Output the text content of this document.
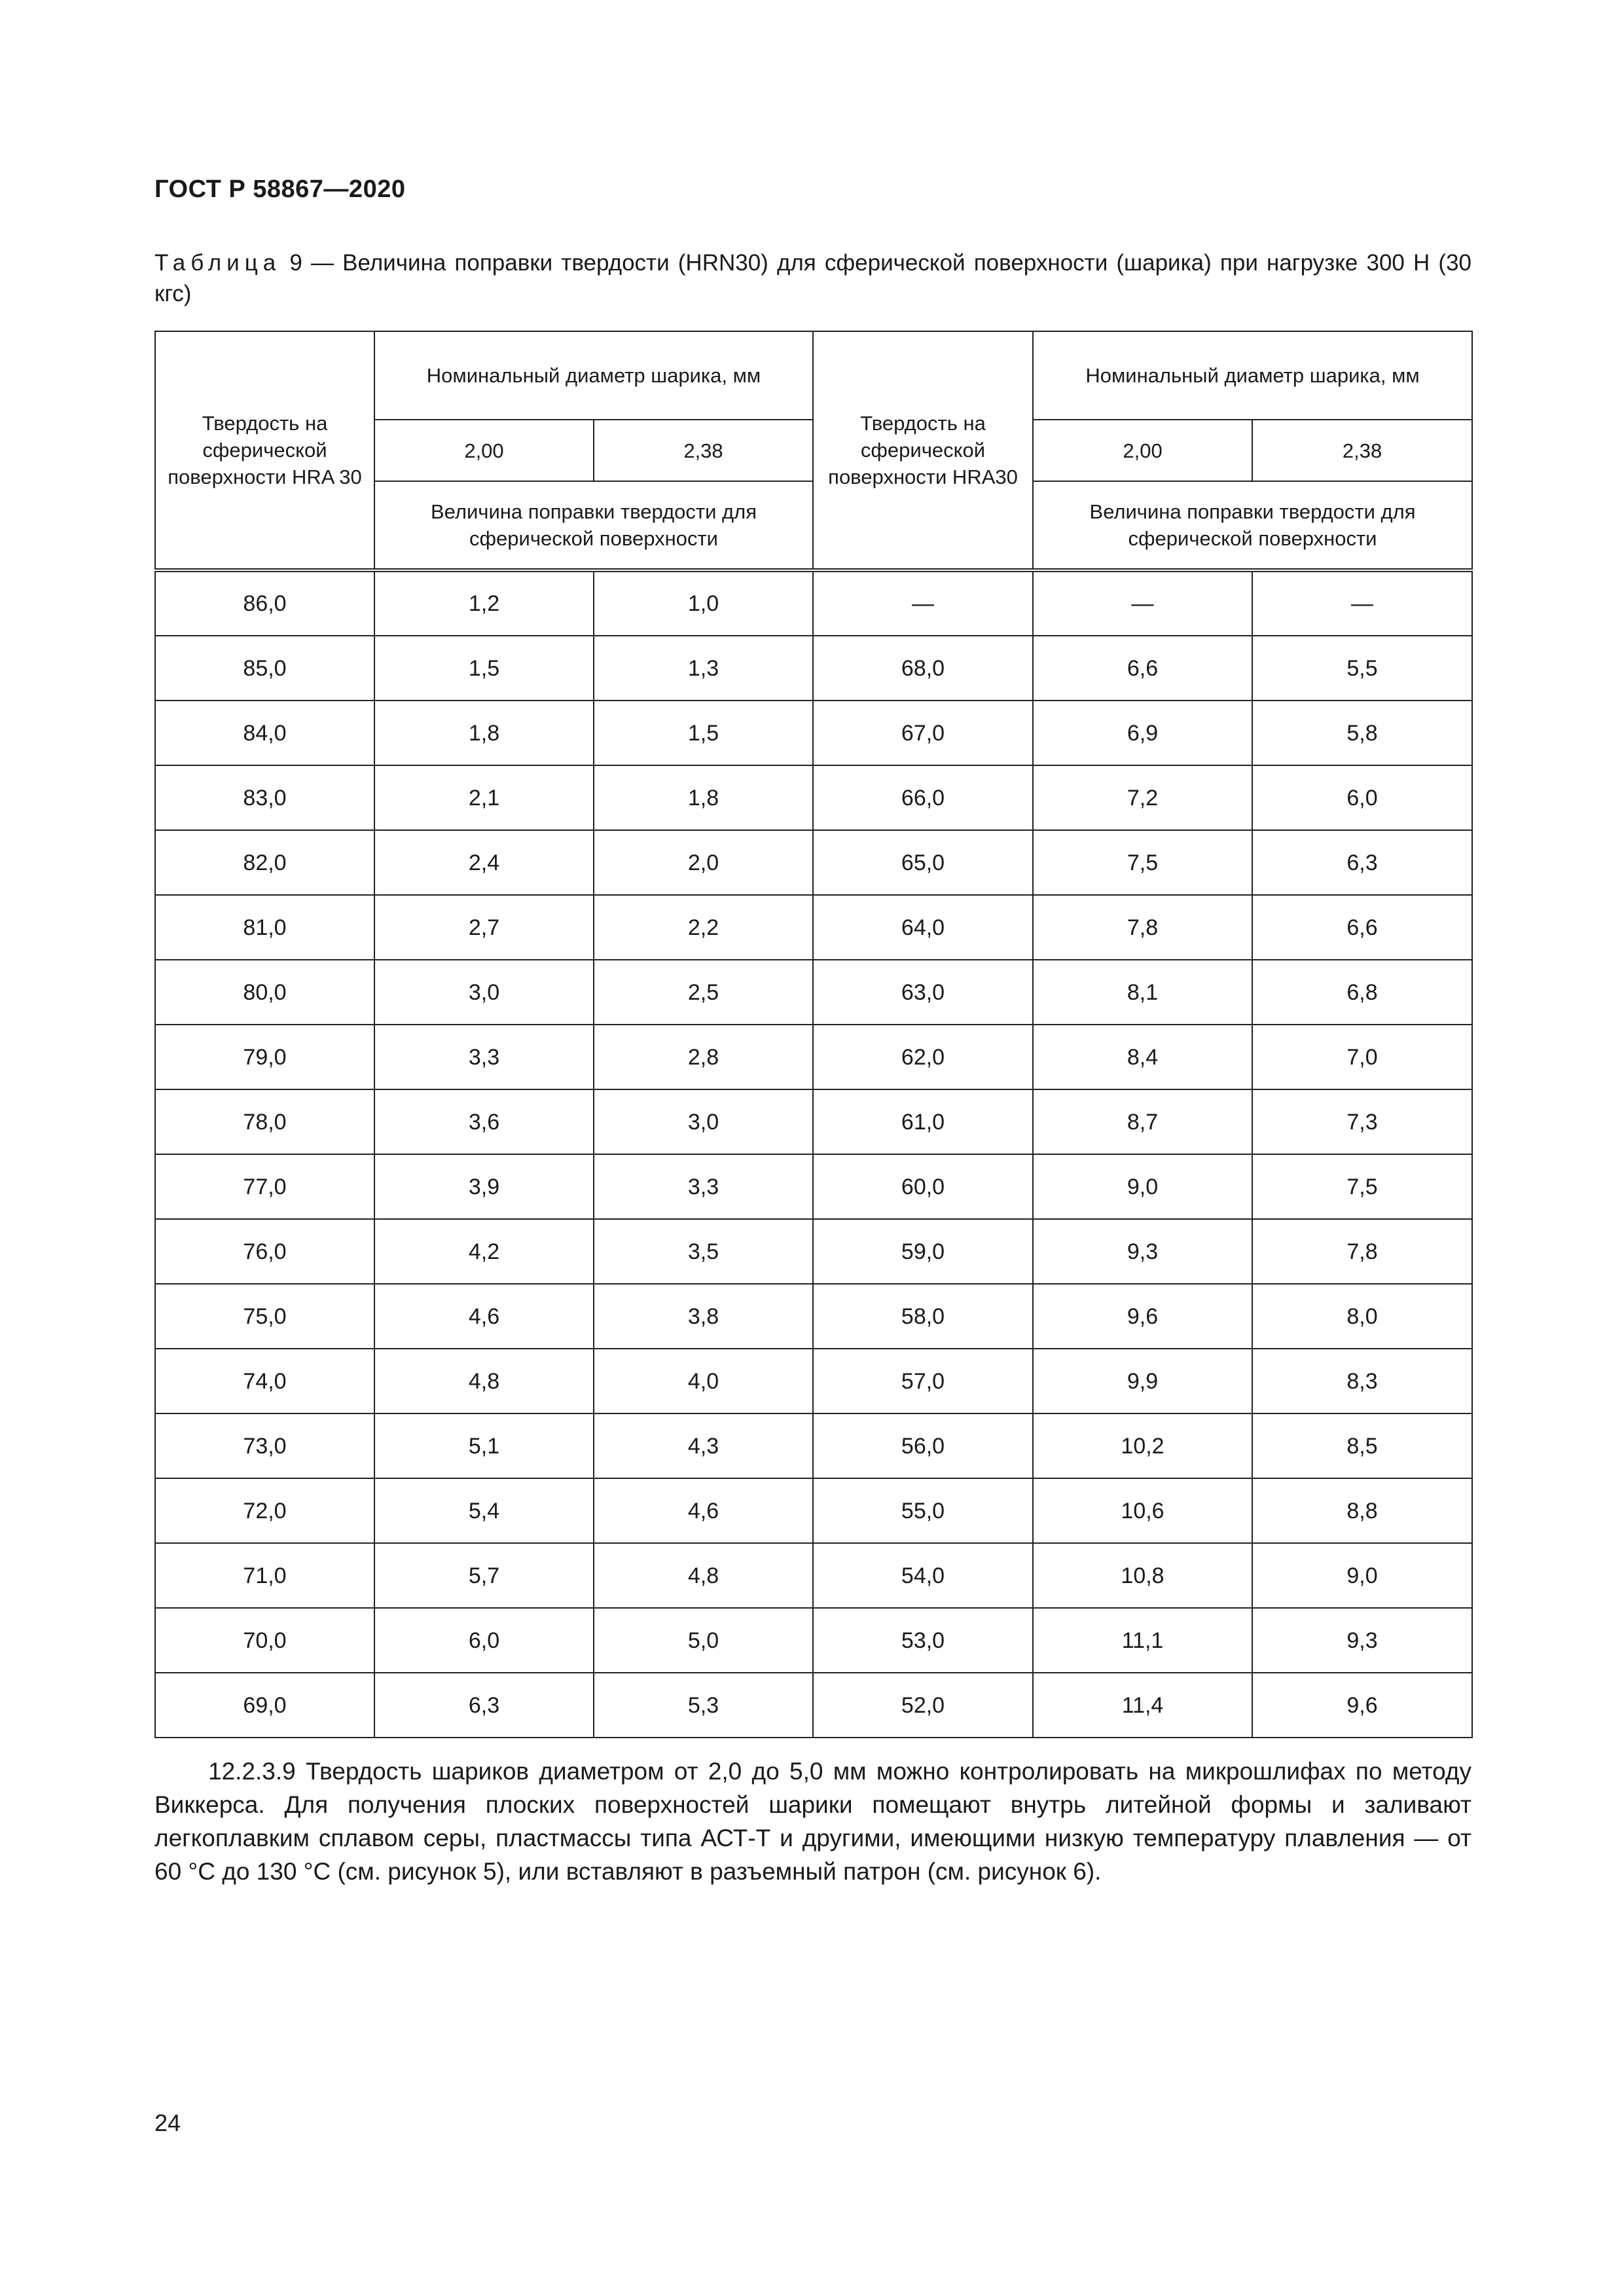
ГОСТ Р 58867—2020
Таблица 9 — Величина поправки твердости (HRN30) для сферической поверхности (шарика) при нагрузке 300 Н (30 кгс)
Твердость на сферической поверхности HRA 30	Номинальный диаметр шарика, мм		Твердость на сферической поверхности HRA30	Номинальный диаметр шарика, мм	
	2,00	2,38		2,00	2,38
	Величина поправки твердости для сферической поверхности			Величина поправки твердости для сферической поверхности	
86,0	1,2	1,0	—	—	—
85,0	1,5	1,3	68,0	6,6	5,5
84,0	1,8	1,5	67,0	6,9	5,8
83,0	2,1	1,8	66,0	7,2	6,0
82,0	2,4	2,0	65,0	7,5	6,3
81,0	2,7	2,2	64,0	7,8	6,6
80,0	3,0	2,5	63,0	8,1	6,8
79,0	3,3	2,8	62,0	8,4	7,0
78,0	3,6	3,0	61,0	8,7	7,3
77,0	3,9	3,3	60,0	9,0	7,5
76,0	4,2	3,5	59,0	9,3	7,8
75,0	4,6	3,8	58,0	9,6	8,0
74,0	4,8	4,0	57,0	9,9	8,3
73,0	5,1	4,3	56,0	10,2	8,5
72,0	5,4	4,6	55,0	10,6	8,8
71,0	5,7	4,8	54,0	10,8	9,0
70,0	6,0	5,0	53,0	11,1	9,3
69,0	6,3	5,3	52,0	11,4	9,6
12.2.3.9 Твердость шариков диаметром от 2,0 до 5,0 мм можно контролировать на микрошлифах по методу Виккерса. Для получения плоских поверхностей шарики помещают внутрь литейной формы и заливают легкоплавким сплавом серы, пластмассы типа АСТ-Т и другими, имеющими низкую температуру плавления — от 60 °С до 130 °С (см. рисунок 5), или вставляют в разъемный патрон (см. рисунок 6).
24
